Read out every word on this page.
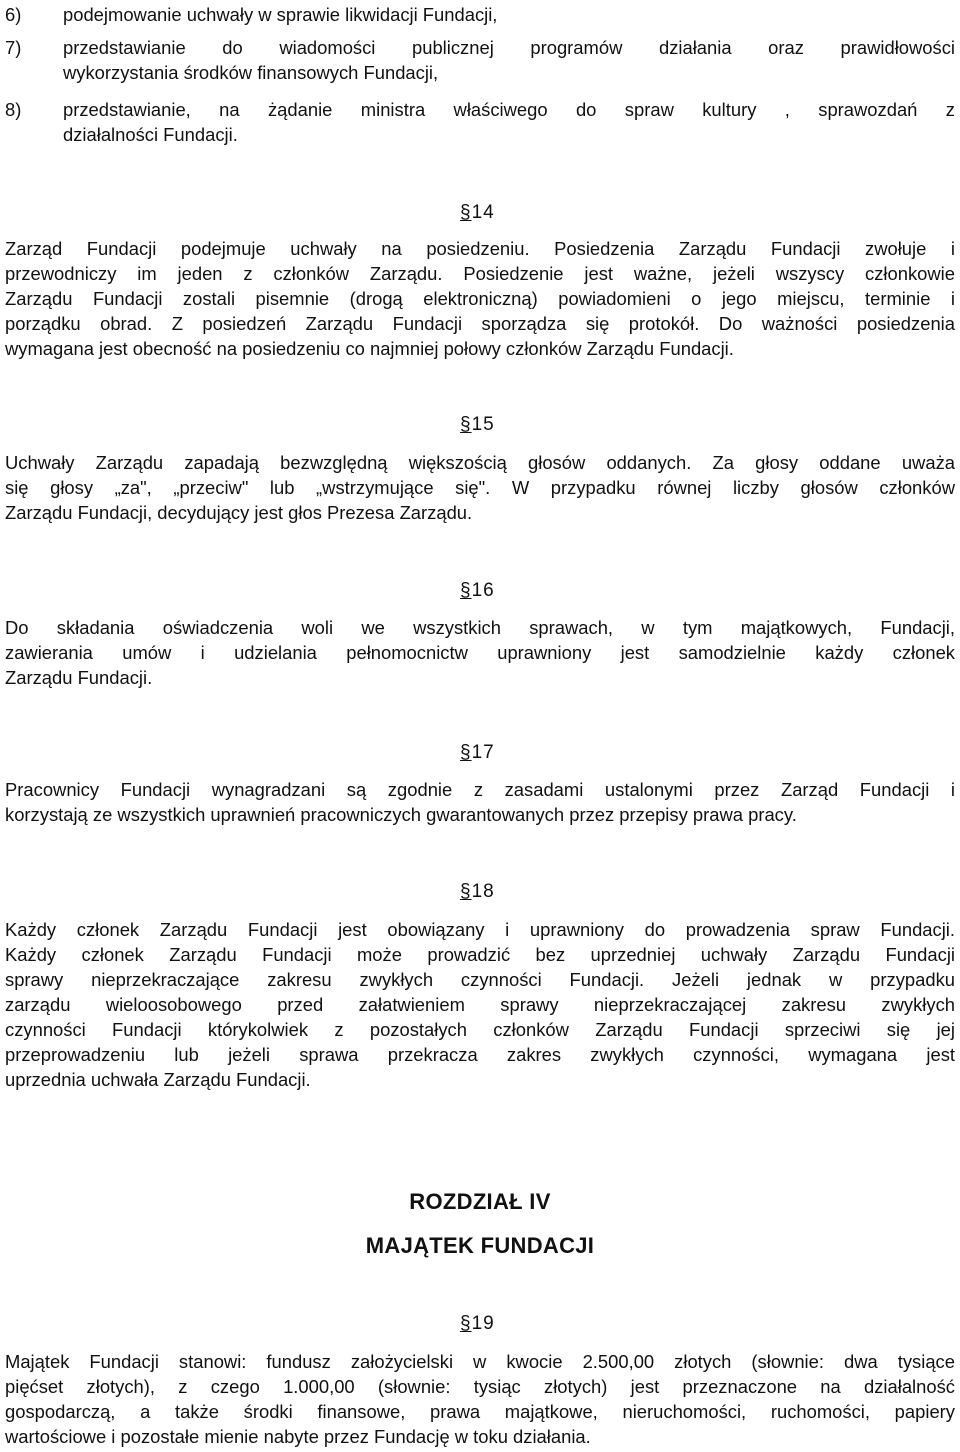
6) podejmowanie uchwały w sprawie likwidacji Fundacji,
7) przedstawianie do wiadomości publicznej programów działania oraz prawidłowości
wykorzystania środków finansowych Fundacji,
8) przedstawianie, na żądanie ministra właściwego do spraw kultury , sprawozdań z
działalności Fundacji.
§14
Zarząd Fundacji podejmuje uchwały na posiedzeniu. Posiedzenia Zarządu Fundacji zwołuje i
przewodniczy im jeden z członków Zarządu. Posiedzenie jest ważne, jeżeli wszyscy członkowie
Zarządu Fundacji zostali pisemnie (drogą elektroniczną) powiadomieni o jego miejscu, terminie i
porządku obrad. Z posiedzeń Zarządu Fundacji sporządza się protokół. Do ważności posiedzenia
wymagana jest obecność na posiedzeniu co najmniej połowy członków Zarządu Fundacji.
§15
Uchwały Zarządu zapadają bezwzględną większością głosów oddanych. Za głosy oddane uważa
się głosy „za", „przeciw" lub „wstrzymujące się". W przypadku równej liczby głosów członków
Zarządu Fundacji, decydujący jest głos Prezesa Zarządu.
§16
Do składania oświadczenia woli we wszystkich sprawach, w tym majątkowych, Fundacji,
zawierania umów i udzielania pełnomocnictw uprawniony jest samodzielnie każdy członek
Zarządu Fundacji.
§17
Pracownicy Fundacji wynagradzani są zgodnie z zasadami ustalonymi przez Zarząd Fundacji i
korzystają ze wszystkich uprawnień pracowniczych gwarantowanych przez przepisy prawa pracy.
§18
Każdy członek Zarządu Fundacji jest obowiązany i uprawniony do prowadzenia spraw Fundacji.
Każdy członek Zarządu Fundacji może prowadzić bez uprzedniej uchwały Zarządu Fundacji
sprawy nieprzekraczające zakresu zwykłych czynności Fundacji. Jeżeli jednak w przypadku
zarządu wieloosobowego przed załatwieniem sprawy nieprzekraczającej zakresu zwykłych
czynności Fundacji którykolwiek z pozostałych członków Zarządu Fundacji sprzeciwi się jej
przeprowadzeniu lub jeżeli sprawa przekracza zakres zwykłych czynności, wymagana jest
uprzednia uchwała Zarządu Fundacji.
ROZDZIAŁ IV
MAJĄTEK FUNDACJI
§19
Majątek Fundacji stanowi: fundusz założycielski w kwocie 2.500,00 złotych (słownie: dwa tysiące
pięćset złotych), z czego 1.000,00 (słownie: tysiąc złotych) jest przeznaczone na działalność
gospodarczą, a także środki finansowe, prawa majątkowe, nieruchomości, ruchomości, papiery
wartościowe i pozostałe mienie nabyte przez Fundację w toku działania.
